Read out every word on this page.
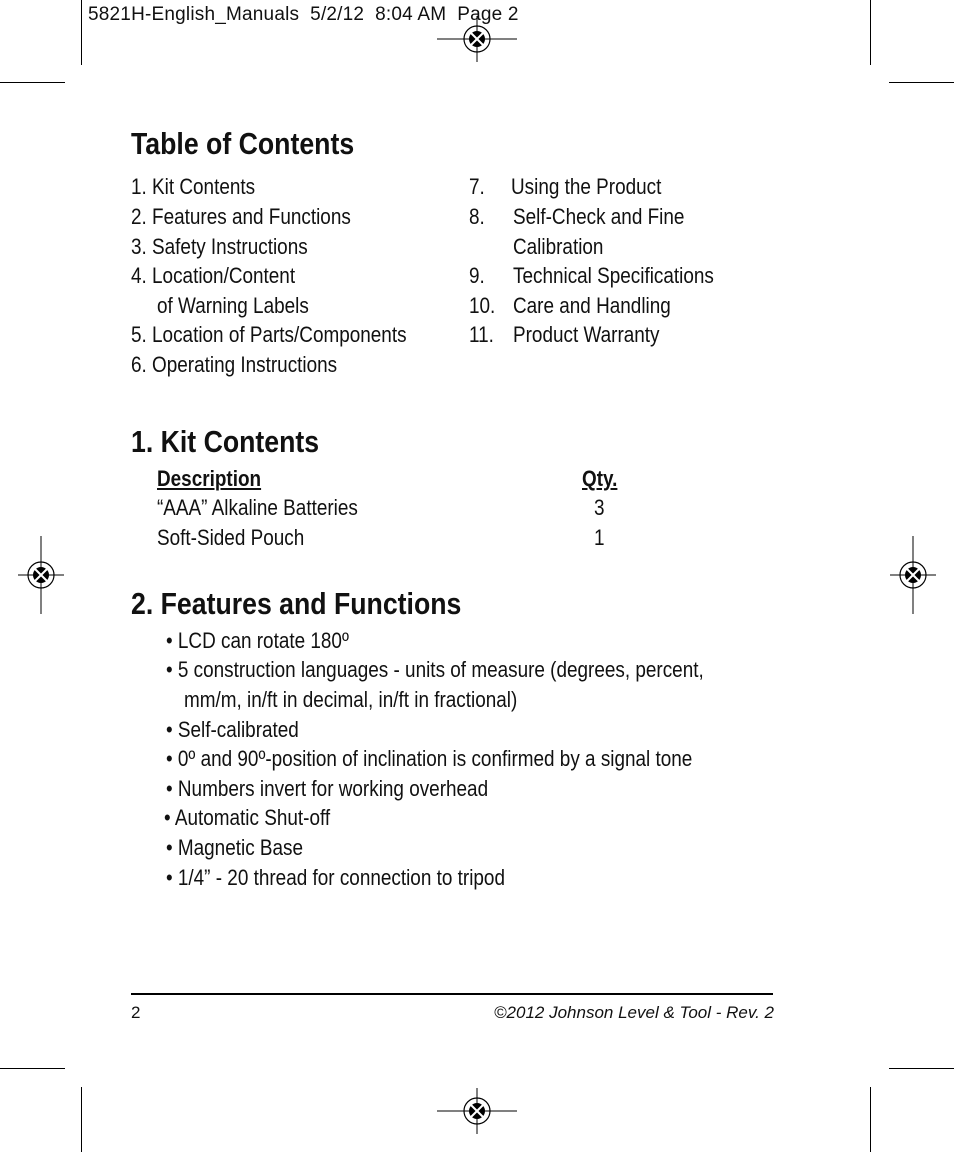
5821H-English_Manuals  5/2/12  8:04 AM  Page 2
Table of Contents
1. Kit Contents
2. Features and Functions
3. Safety Instructions
4. Location/Content
of Warning Labels
5. Location of Parts/Components
6. Operating Instructions
7. Using the Product
8. Self-Check and Fine
Calibration
9. Technical Specifications
10. Care and Handling
11. Product Warranty
1. Kit Contents
Description	Qty.
“AAA” Alkaline Batteries	3
Soft-Sided Pouch	1
2. Features and Functions
• LCD can rotate 180º
• 5 construction languages - units of measure (degrees, percent,
mm/m, in/ft in decimal, in/ft in fractional)
• Self-calibrated
• 0º and 90º-position of inclination is confirmed by a signal tone
• Numbers invert for working overhead
• Automatic Shut-off
• Magnetic Base
• 1/4” - 20 thread for connection to tripod
2	©2012 Johnson Level & Tool - Rev. 2
